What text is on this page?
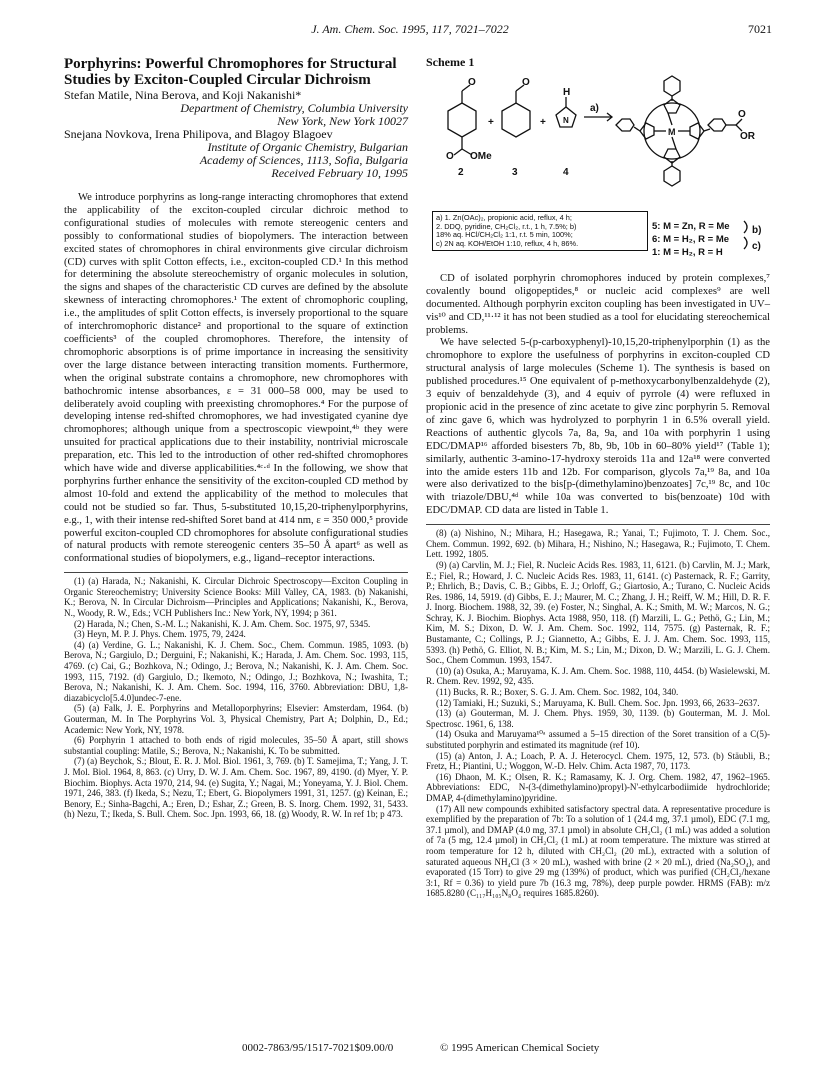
J. Am. Chem. Soc. 1995, 117, 7021–7022	7021
Porphyrins: Powerful Chromophores for Structural Studies by Exciton-Coupled Circular Dichroism
Stefan Matile, Nina Berova, and Koji Nakanishi*
Department of Chemistry, Columbia University
New York, New York 10027
Snejana Novkova, Irena Philipova, and Blagoy Blagoev
Institute of Organic Chemistry, Bulgarian
Academy of Sciences, 1113, Sofia, Bulgaria
Received February 10, 1995

We introduce porphyrins as long-range interacting chromophores that extend the applicability of the exciton-coupled circular dichroic method to configurational studies of molecules with remote stereogenic centers and possibly to conformational studies of biopolymers. The interaction between excited states of chromophores in chiral environments give circular dichroism (CD) curves with split Cotton effects, i.e., exciton-coupled CD.¹ In this method for determining the absolute stereochemistry of organic molecules in solution, the signs and shapes of the characteristic CD curves are defined by the absolute skewness of interacting chromophores.¹ The extent of chromophoric coupling, i.e., the amplitudes of split Cotton effects, is inversely proportional to the square of interchromophoric distance² and proportional to the square of extinction coefficients³ of the coupled chromophores. Therefore, the intensity of chromophoric absorptions is of prime importance in increasing the sensitivity over the large distance between interacting transition moments. Furthermore, when the original substrate contains a chromophore, new chromophores with bathochromic intense absorbances, ε = 31 000–58 000, may be used to deliberately avoid coupling with preexisting chromophores.⁴ For the purpose of developing intense red-shifted chromophores, we had investigated cyanine dye chromophores; although unique from a spectroscopic viewpoint,⁴ᵇ they were unsuited for practical applications due to their instability, nontrivial microscale preparation, etc. This led to the introduction of other red-shifted chromophores which have wide and diverse applicabilities.⁴ᶜ·ᵈ In the following, we show that porphyrins further enhance the sensitivity of the exciton-coupled CD method by almost 10-fold and extend the applicability of the method to molecules that could not be studied so far. Thus, 5-substituted 10,15,20-triphenylporphyrins, e.g., 1, with their intense red-shifted Soret band at 414 nm, ε = 350 000,⁵ provide powerful exciton-coupled CD chromophores for absolute configurational studies of natural products with remote stereogenic centers 35–50 Å apart⁶ as well as conformational studies of biopolymers, e.g., ligand–receptor interactions.

(1) (a) Harada, N.; Nakanishi, K. Circular Dichroic Spectroscopy—Exciton Coupling in Organic Stereochemistry; University Science Books: Mill Valley, CA, 1983. (b) Nakanishi, K.; Berova, N. In Circular Dichroism—Principles and Applications; Nakanishi, K., Berova, N., Woody, R. W., Eds.; VCH Publishers Inc.: New York, NY, 1994; p 361.
(2) Harada, N.; Chen, S.-M. L.; Nakanishi, K. J. Am. Chem. Soc. 1975, 97, 5345.
(3) Heyn, M. P. J. Phys. Chem. 1975, 79, 2424.
(4) (a) Verdine, G. L.; Nakanishi, K. J. Chem. Soc., Chem. Commun. 1985, 1093. (b) Berova, N.; Gargiulo, D.; Derguini, F.; Nakanishi, K.; Harada, J. Am. Chem. Soc. 1993, 115, 4769. (c) Cai, G.; Bozhkova, N.; Odingo, J.; Berova, N.; Nakanishi, K. J. Am. Chem. Soc. 1993, 115, 7192. (d) Gargiulo, D.; Ikemoto, N.; Odingo, J.; Bozhkova, N.; Iwashita, T.; Berova, N.; Nakanishi, K. J. Am. Chem. Soc. 1994, 116, 3760. Abbreviation: DBU, 1,8-diazabicyclo[5.4.0]undec-7-ene.
(5) (a) Falk, J. E. Porphyrins and Metalloporphyrins; Elsevier: Amsterdam, 1964. (b) Gouterman, M. In The Porphyrins Vol. 3, Physical Chemistry, Part A; Dolphin, D., Ed.; Academic: New York, NY, 1978.
(6) Porphyrin 1 attached to both ends of rigid molecules, 35–50 Å apart, still shows substantial coupling: Matile, S.; Berova, N.; Nakanishi, K. To be submitted.
(7) (a) Beychok, S.; Blout, E. R. J. Mol. Biol. 1961, 3, 769. (b) T. Samejima, T.; Yang, J. T. J. Mol. Biol. 1964, 8, 863. (c) Urry, D. W. J. Am. Chem. Soc. 1967, 89, 4190. (d) Myer, Y. P. Biochim. Biophys. Acta 1970, 214, 94. (e) Sugita, Y.; Nagai, M.; Yoneyama, Y. J. Biol. Chem. 1971, 246, 383. (f) Ikeda, S.; Nezu, T.; Ebert, G. Biopolymers 1991, 31, 1257. (g) Keinan, E.; Benory, E.; Sinha-Bagchi, A.; Eren, D.; Eshar, Z.; Green, B. S. Inorg. Chem. 1992, 31, 5433. (h) Nezu, T.; Ikeda, S. Bull. Chem. Soc. Jpn. 1993, 66, 18. (g) Woody, R. W. In ref 1b; p 473.
Scheme 1
O	O
+	+
H
N
O OMe
a)
M	OR
O
2	3	4
a) 1. Zn(OAc)₂, propionic acid, reflux, 4 h;
2. DDQ, pyridine, CH₂Cl₂, r.t., 1 h, 7.5%; b)
18% aq. HCl/CH₂Cl₂ 1:1, r.t. 5 min, 100%;
c) 2N aq. KOH/EtOH 1:10, reflux, 4 h, 86%.
5: M = Zn, R = Me
6: M = H₂, R = Me
1: M = H₂, R = H
b)
c)

CD of isolated porphyrin chromophores induced by protein complexes,⁷ covalently bound oligopeptides,⁸ or nucleic acid complexes⁹ are well documented. Although porphyrin exciton coupling has been investigated in UV–vis¹⁰ and CD,¹¹·¹² it has not been studied as a tool for elucidating stereochemical problems.

We have selected 5-(p-carboxyphenyl)-10,15,20-triphenylporphin (1) as the chromophore to explore the usefulness of porphyrins in exciton-coupled CD structural analysis of large molecules (Scheme 1). The synthesis is based on published procedures.¹⁵ One equivalent of p-methoxycarbonylbenzaldehyde (2), 3 equiv of benzaldehyde (3), and 4 equiv of pyrrole (4) were refluxed in propionic acid in the presence of zinc acetate to give zinc porphyrin 5. Removal of zinc gave 6, which was hydrolyzed to porphyrin 1 in 6.5% overall yield. Reactions of authentic glycols 7a, 8a, 9a, and 10a with porphyrin 1 using EDC/DMAP¹⁶ afforded bisesters 7b, 8b, 9b, 10b in 60–80% yield¹⁷ (Table 1); similarly, authentic 3-amino-17-hydroxy steroids 11a and 12a¹⁸ were converted into the amide esters 11b and 12b. For comparison, glycols 7a,¹⁹ 8a, and 10a were also derivatized to the bis[p-(dimethylamino)benzoates] 7c,¹⁹ 8c, and 10c with triazole/DBU,⁴ᵈ while 10a was converted to bis(benzoate) 10d with EDC/DMAP. CD data are listed in Table 1.

(8) (a) Nishino, N.; Mihara, H.; Hasegawa, R.; Yanai, T.; Fujimoto, T. J. Chem. Soc., Chem. Commun. 1992, 692. (b) Mihara, H.; Nishino, N.; Hasegawa, R.; Fujimoto, T. Chem. Lett. 1992, 1805.
(9) (a) Carvlin, M. J.; Fiel, R. Nucleic Acids Res. 1983, 11, 6121. (b) Carvlin, M. J.; Mark, E.; Fiel, R.; Howard, J. C. Nucleic Acids Res. 1983, 11, 6141. (c) Pasternack, R. F.; Garrity, P.; Ehrlich, B.; Davis, C. B.; Gibbs, E. J.; Orloff, G.; Giartosio, A.; Turano, C. Nucleic Acids Res. 1986, 14, 5919. (d) Gibbs, E. J.; Maurer, M. C.; Zhang, J. H.; Reiff, W. M.; Hill, D. R. F. J. Inorg. Biochem. 1988, 32, 39. (e) Foster, N.; Singhal, A. K.; Smith, M. W.; Marcos, N. G.; Schray, K. J. Biochim. Biophys. Acta 1988, 950, 118. (f) Marzili, L. G.; Pethö, G.; Lin, M.; Kim, M. S.; Dixon, D. W. J. Am. Chem. Soc. 1992, 114, 7575. (g) Pasternak, R. F.; Bustamante, C.; Collings, P. J.; Giannetto, A.; Gibbs, E. J. J. Am. Chem. Soc. 1993, 115, 5393. (h) Pethö, G. Elliot, N. B.; Kim, M. S.; Lin, M.; Dixon, D. W.; Marzili, L. G. J. Chem. Soc., Chem Commun. 1993, 1547.
(10) (a) Osuka, A.; Maruyama, K. J. Am. Chem. Soc. 1988, 110, 4454. (b) Wasielewski, M. R. Chem. Rev. 1992, 92, 435.
(11) Bucks, R. R.; Boxer, S. G. J. Am. Chem. Soc. 1982, 104, 340.
(12) Tamiaki, H.; Suzuki, S.; Maruyama, K. Bull. Chem. Soc. Jpn. 1993, 66, 2633–2637.
(13) (a) Gouterman, M. J. Chem. Phys. 1959, 30, 1139. (b) Gouterman, M. J. Mol. Spectrosc. 1961, 6, 138.
(14) Osuka and Maruyama¹⁰ᵃ assumed a 5–15 direction of the Soret transition of a C(5)-substituted porphyrin and estimated its magnitude (ref 10).
(15) (a) Anton, J. A.; Loach, P. A. J. Heterocycl. Chem. 1975, 12, 573. (b) Stäubli, B.; Fretz, H.; Piantini, U.; Woggon, W.-D. Helv. Chim. Acta 1987, 70, 1173.
(16) Dhaon, M. K.; Olsen, R. K.; Ramasamy, K. J. Org. Chem. 1982, 47, 1962–1965. Abbreviations: EDC, N-(3-(dimethylamino)propyl)-N'-ethylcarbodiimide hydrochloride; DMAP, 4-(dimethylamino)pyridine.
(17) All new compounds exhibited satisfactory spectral data. A representative procedure is exemplified by the preparation of 7b: To a solution of 1 (24.4 mg, 37.1 µmol), EDC (7.1 mg, 37.1 µmol), and DMAP (4.0 mg, 37.1 µmol) in absolute CH₂Cl₂ (1 mL) was added a solution of 7a (5 mg, 12.4 µmol) in CH₂Cl₂ (1 mL) at room temperature. The mixture was stirred at room temperature for 12 h, diluted with CH₂Cl₂ (20 mL), extracted with a solution of saturated aqueous NH₄Cl (3 × 20 mL), washed with brine (2 × 20 mL), dried (Na₂SO₄), and evaporated (15 Torr) to give 29 mg (139%) of product, which was purified (CH₂Cl₂/hexane 3:1, Rf = 0.36) to yield pure 7b (16.3 mg, 78%), deep purple powder. HRMS (FAB): m/z 1685.8280 (C₁₁₇H₁₀₅N₈O₄ requires 1685.8260).
0002-7863/95/1517-7021$09.00/0	© 1995 American Chemical Society
